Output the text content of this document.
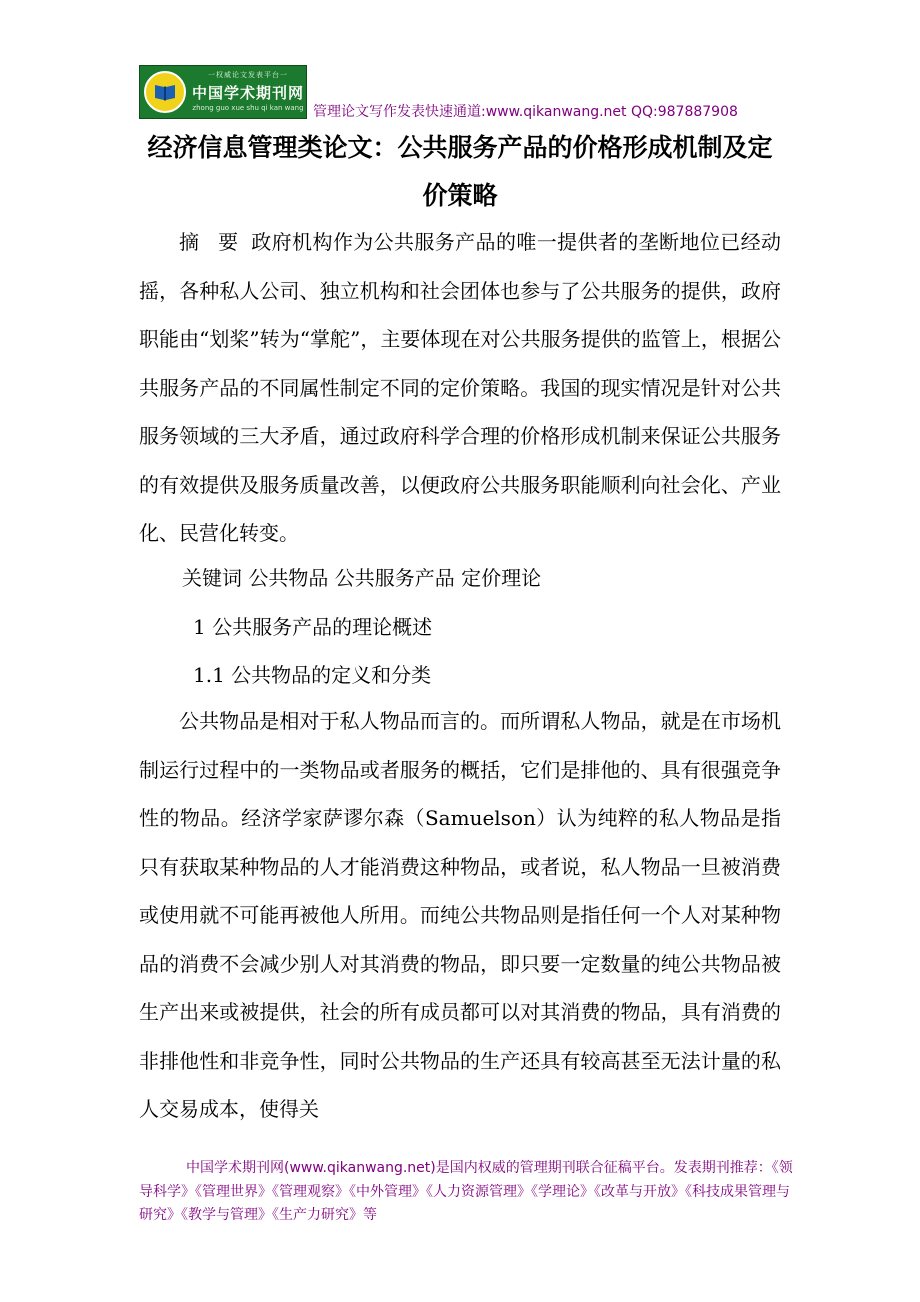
一权威论文发表平台一
中国学术期刊网
zhong guo xue shu qi kan wang 管理论文写作发表快速通道:www.qikanwang.net QQ:987887908
经济信息管理类论文：公共服务产品的价格形成机制及定价策略
摘 要 政府机构作为公共服务产品的唯一提供者的垄断地位已经动摇，各种私人公司、独立机构和社会团体也参与了公共服务的提供，政府职能由“划桨”转为“掌舵”，主要体现在对公共服务提供的监管上，根据公共服务产品的不同属性制定不同的定价策略。我国的现实情况是针对公共服务领域的三大矛盾，通过政府科学合理的价格形成机制来保证公共服务的有效提供及服务质量改善，以便政府公共服务职能顺利向社会化、产业化、民营化转变。
关键词 公共物品 公共服务产品 定价理论
1 公共服务产品的理论概述
1.1 公共物品的定义和分类
公共物品是相对于私人物品而言的。而所谓私人物品，就是在市场机制运行过程中的一类物品或者服务的概括，它们是排他的、具有很强竞争性的物品。经济学家萨谬尔森（Samuelson）认为纯粹的私人物品是指只有获取某种物品的人才能消费这种物品，或者说，私人物品一旦被消费或使用就不可能再被他人所用。而纯公共物品则是指任何一个人对某种物品的消费不会减少别人对其消费的物品，即只要一定数量的纯公共物品被生产出来或被提供，社会的所有成员都可以对其消费的物品，具有消费的非排他性和非竞争性，同时公共物品的生产还具有较高甚至无法计量的私人交易成本，使得关
中国学术期刊网(www.qikanwang.net)是国内权威的管理期刊联合征稿平台。发表期刊推荐：《领导科学》《管理世界》《管理观察》《中外管理》《人力资源管理》《学理论》《改革与开放》《科技成果管理与研究》《教学与管理》《生产力研究》等
